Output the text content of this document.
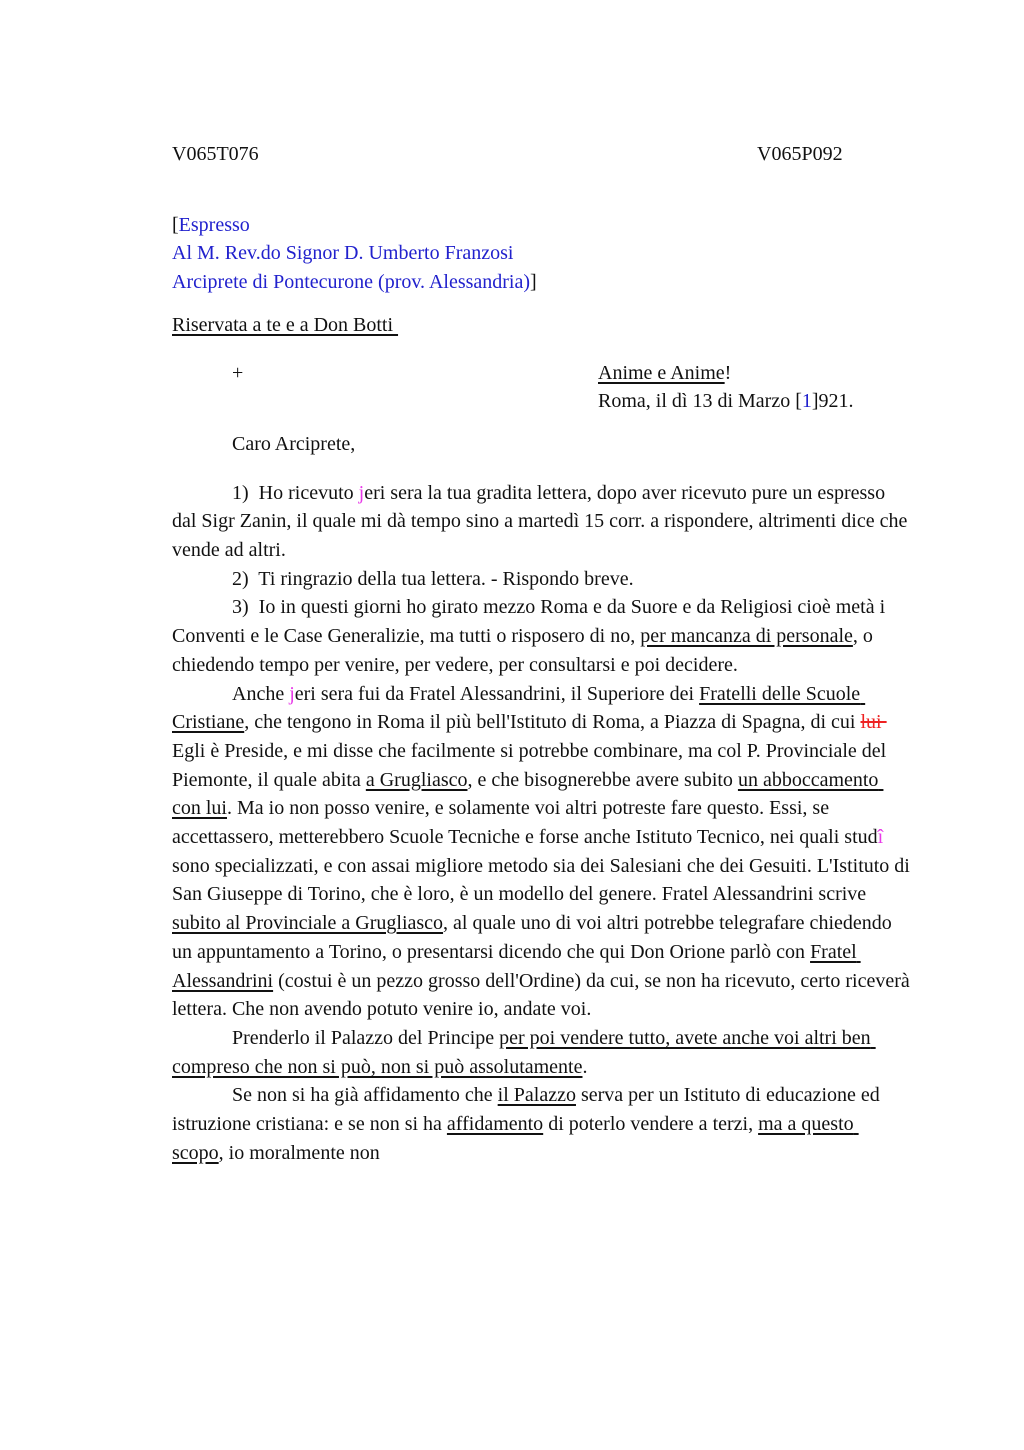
V065T076	V065P092
[Espresso
Al M. Rev.do Signor D. Umberto Franzosi
Arciprete di Pontecurone (prov. Alessandria)]
Riservata a te e a Don Botti
+	Anime e Anime!
Roma, il dì 13 di Marzo [1]921.
Caro Arciprete,
1)  Ho ricevuto jeri sera la tua gradita lettera, dopo aver ricevuto pure un espresso dal Sigr Zanin, il quale mi dà tempo sino a martedì 15 corr. a rispondere, altrimenti dice che vende ad altri.
2)  Ti ringrazio della tua lettera. - Rispondo breve.
3)  Io in questi giorni ho girato mezzo Roma e da Suore e da Religiosi cioè metà i Conventi e le Case Generalizie, ma tutti o risposero di no, per mancanza di personale, o chiedendo tempo per venire, per vedere, per consultarsi e poi decidere.
Anche jeri sera fui da Fratel Alessandrini, il Superiore dei Fratelli delle Scuole Cristiane, che tengono in Roma il più bell'Istituto di Roma, a Piazza di Spagna, di cui lui  Egli è Preside, e mi disse che facilmente si potrebbe combinare, ma col P. Provinciale del Piemonte, il quale abita a Grugliasco, e che bisognerebbe avere subito un abboccamento con lui. Ma io non posso venire, e solamente voi altri potreste fare questo. Essi, se accettassero, metterebbero Scuole Tecniche e forse anche Istituto Tecnico, nei quali studî sono specializzati, e con assai migliore metodo sia dei Salesiani che dei Gesuiti. L'Istituto di San Giuseppe di Torino, che è loro, è un modello del genere. Fratel Alessandrini scrive subito al Provinciale a Grugliasco, al quale uno di voi altri potrebbe telegrafare chiedendo un appuntamento a Torino, o presentarsi dicendo che qui Don Orione parlò con Fratel Alessandrini (costui è un pezzo grosso dell'Ordine) da cui, se non ha ricevuto, certo riceverà lettera. Che non avendo potuto venire io, andate voi.
Prenderlo il Palazzo del Principe per poi vendere tutto, avete anche voi altri ben compreso che non si può, non si può assolutamente.
Se non si ha già affidamento che il Palazzo serva per un Istituto di educazione ed istruzione cristiana: e se non si ha affidamento di poterlo vendere a terzi, ma a questo scopo, io moralmente non
